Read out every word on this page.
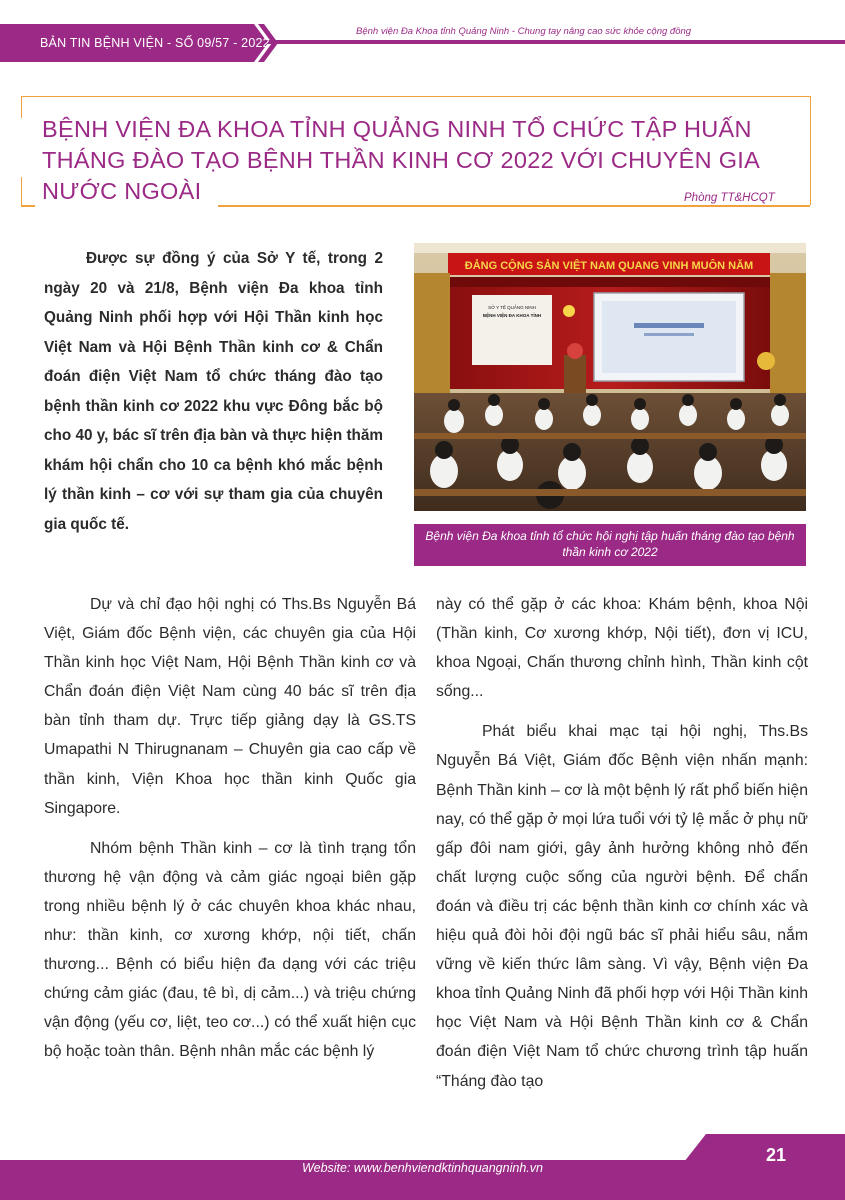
BẢN TIN BỆNH VIỆN - SỐ 09/57 - 2022
Bệnh viện Đa Khoa tỉnh Quảng Ninh - Chung tay nâng cao sức khỏe cộng đồng
BỆNH VIỆN ĐA KHOA TỈNH QUẢNG NINH TỔ CHỨC TẬP HUẤN THÁNG ĐÀO TẠO BỆNH THẦN KINH CƠ 2022 VỚI CHUYÊN GIA NƯỚC NGOÀI	Phòng TT&HCQT

Được sự đồng ý của Sở Y tế, trong 2 ngày 20 và 21/8, Bệnh viện Đa khoa tỉnh Quảng Ninh phối hợp với Hội Thần kinh học Việt Nam và Hội Bệnh Thần kinh cơ & Chẩn đoán điện Việt Nam tổ chức tháng đào tạo bệnh thần kinh cơ 2022 khu vực Đông bắc bộ cho 40 y, bác sĩ trên địa bàn và thực hiện thăm khám hội chẩn cho 10 ca bệnh khó mắc bệnh lý thần kinh – cơ với sự tham gia của chuyên gia quốc tế.

ĐẢNG CỘNG SẢN VIỆT NAM QUANG VINH MUÔN NĂM
SỞ Y TẾ QUẢNG NINH
BỆNH VIỆN ĐA KHOA TỈNH
Bệnh viện Đa khoa tỉnh tổ chức hội nghị tập huấn tháng đào tạo bệnh thần kinh cơ 2022

Dự và chỉ đạo hội nghị có Ths.Bs Nguyễn Bá Việt, Giám đốc Bệnh viện, các chuyên gia của Hội Thần kinh học Việt Nam, Hội Bệnh Thần kinh cơ và Chẩn đoán điện Việt Nam cùng 40 bác sĩ trên địa bàn tỉnh tham dự. Trực tiếp giảng dạy là GS.TS Umapathi N Thirugnanam – Chuyên gia cao cấp về thần kinh, Viện Khoa học thần kinh Quốc gia Singapore.

Nhóm bệnh Thần kinh – cơ là tình trạng tổn thương hệ vận động và cảm giác ngoại biên gặp trong nhiều bệnh lý ở các chuyên khoa khác nhau, như: thần kinh, cơ xương khớp, nội tiết, chấn thương... Bệnh có biểu hiện đa dạng với các triệu chứng cảm giác (đau, tê bì, dị cảm...) và triệu chứng vận động (yếu cơ, liệt, teo cơ...) có thể xuất hiện cục bộ hoặc toàn thân. Bệnh nhân mắc các bệnh lý

này có thể gặp ở các khoa: Khám bệnh, khoa Nội (Thần kinh, Cơ xương khớp, Nội tiết), đơn vị ICU, khoa Ngoại, Chấn thương chỉnh hình, Thần kinh cột sống...

Phát biểu khai mạc tại hội nghị, Ths.Bs Nguyễn Bá Việt, Giám đốc Bệnh viện nhấn mạnh: Bệnh Thần kinh – cơ là một bệnh lý rất phổ biến hiện nay, có thể gặp ở mọi lứa tuổi với tỷ lệ mắc ở phụ nữ gấp đôi nam giới, gây ảnh hưởng không nhỏ đến chất lượng cuộc sống của người bệnh. Để chẩn đoán và điều trị các bệnh thần kinh cơ chính xác và hiệu quả đòi hỏi đội ngũ bác sĩ phải hiểu sâu, nắm vững về kiến thức lâm sàng. Vì vậy, Bệnh viện Đa khoa tỉnh Quảng Ninh đã phối hợp với Hội Thần kinh học Việt Nam và Hội Bệnh Thần kinh cơ & Chẩn đoán điện Việt Nam tổ chức chương trình tập huấn “Tháng đào tạo

Website: www.benhviendktinhquangninh.vn
21
